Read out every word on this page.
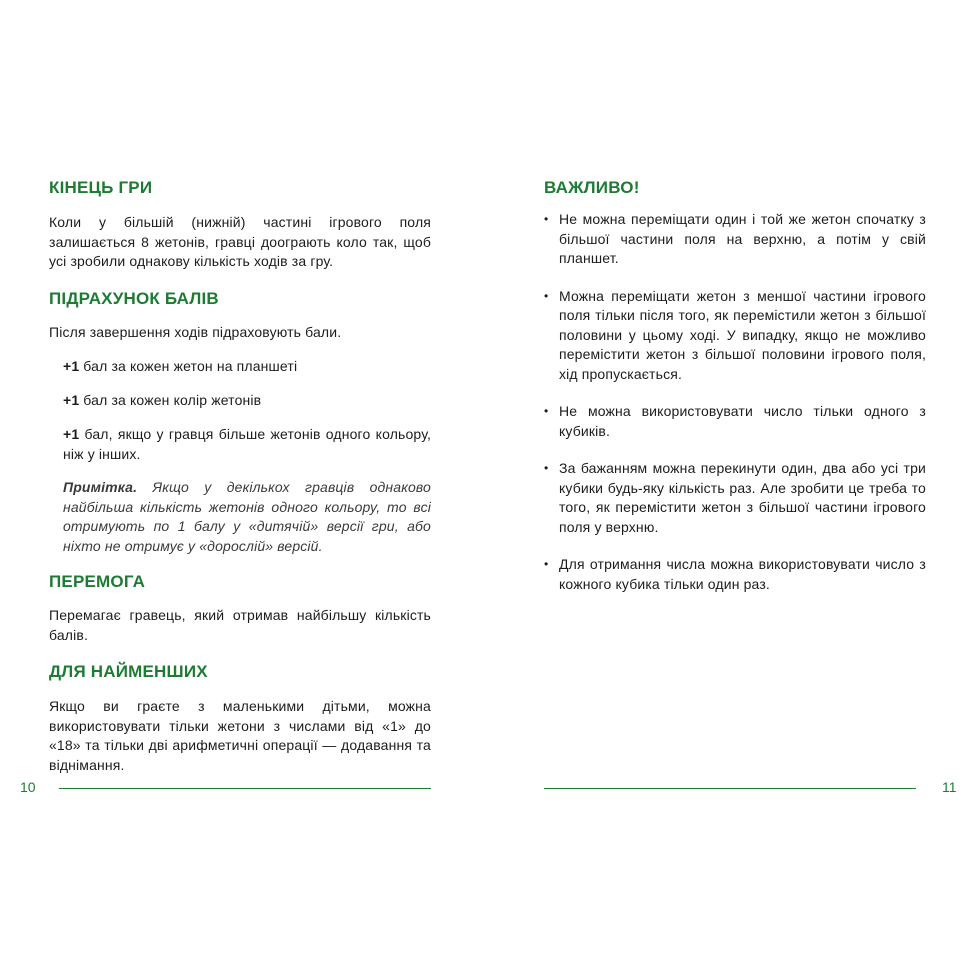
КІНЕЦЬ ГРИ

Коли у більшій (нижній) частині ігрового поля залишається 8 жетонів, гравці доограють коло так, щоб усі зробили однакову кількість ходів за гру.

ПІДРАХУНОК БАЛІВ

Після завершення ходів підраховують бали.

+1 бал за кожен жетон на планшеті

+1 бал за кожен колір жетонів

+1 бал, якщо у гравця більше жетонів одного кольору, ніж у інших.

Примітка. Якщо у декількох гравців однаково найбільша кількість жетонів одного кольору, то всі отримують по 1 балу у «дитячій» версії гри, або ніхто не отримує у «дорослій» версій.

ПЕРЕМОГА

Перемагає гравець, який отримав найбільшу кількість балів.

ДЛЯ НАЙМЕНШИХ

Якщо ви граєте з маленькими дітьми, можна використовувати тільки жетони з числами від «1» до «18» та тільки дві арифметичні операції — додавання та віднімання.

10
ВАЖЛИВО!
• Не можна переміщати один і той же жетон спочатку з більшої частини поля на верхню, а потім у свій планшет.
• Можна переміщати жетон з меншої частини ігрового поля тільки після того, як перемістили жетон з більшої половини у цьому ході. У випадку, якщо не можливо перемістити жетон з більшої половини ігрового поля, хід пропускається.
• Не можна використовувати число тільки одного з кубиків.
• За бажанням можна перекинути один, два або усі три кубики будь-яку кількість раз. Але зробити це треба то того, як перемістити жетон з більшої частини ігрового поля у верхню.
• Для отримання числа можна використовувати число з кожного кубика тільки один раз.
11
